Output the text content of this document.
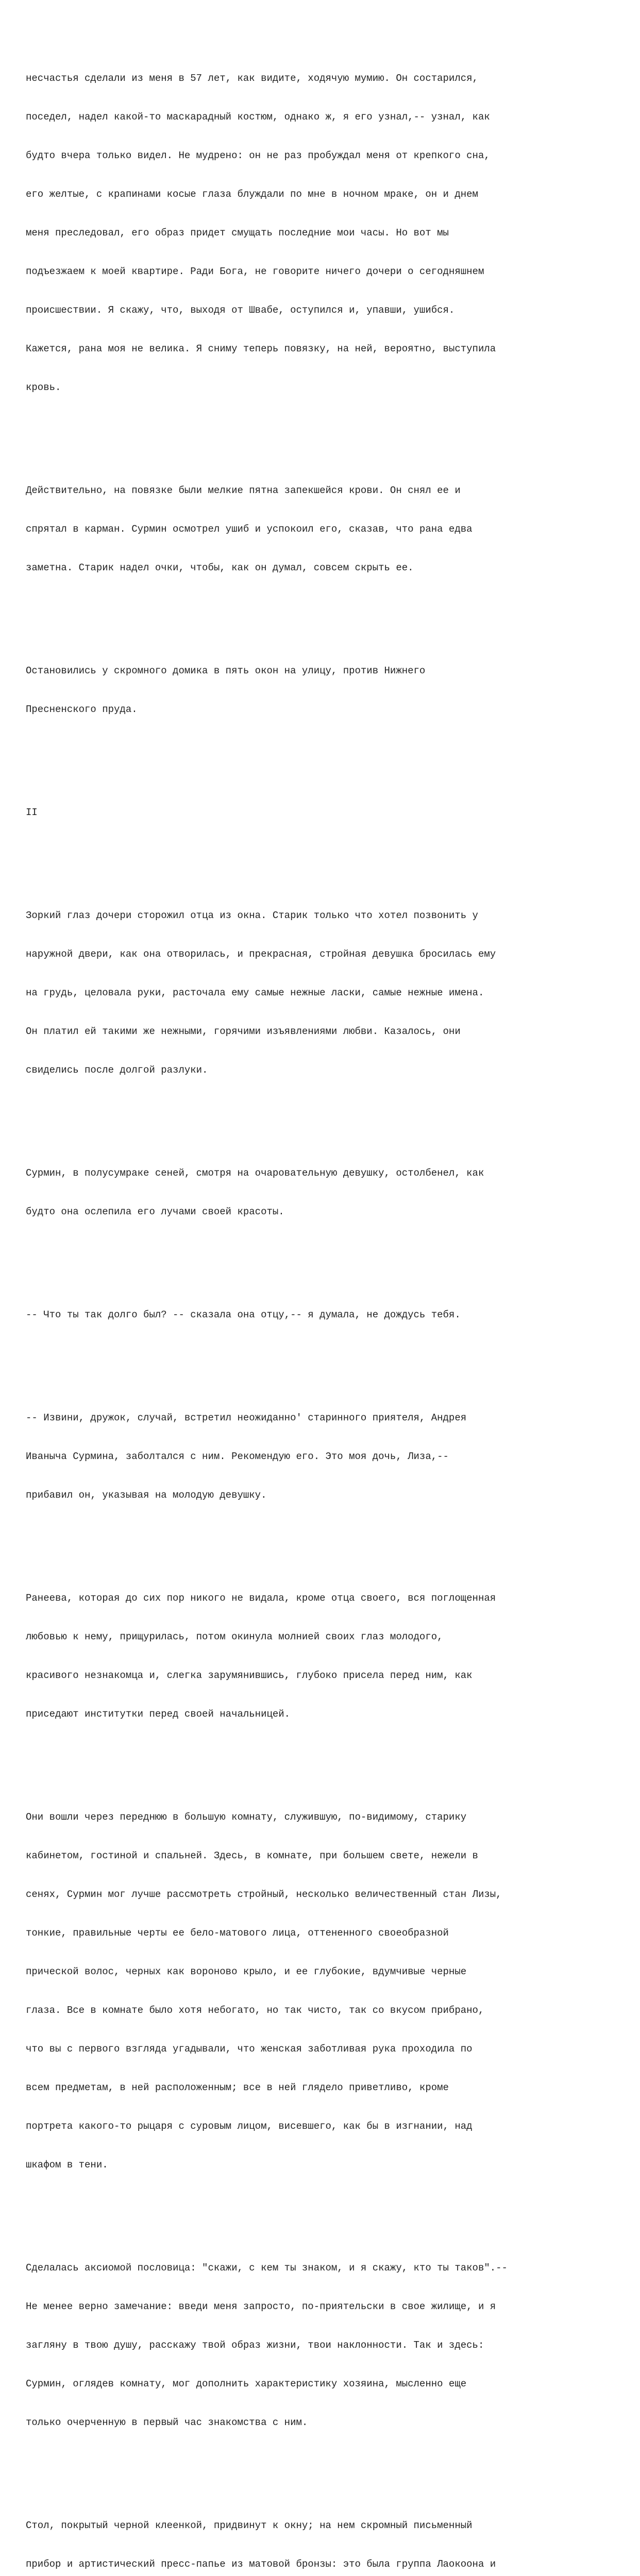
несчастья сделали из меня в 57 лет, как видите, ходячую мумию. Он состарился,

поседел, надел какой-то маскарадный костюм, однако ж, я его узнал,-- узнал, как

будто вчера только видел. Не мудрено: он не раз пробуждал меня от крепкого сна,

его желтые, с крапинами косые глаза блуждали по мне в ночном мраке, он и днем

меня преследовал, его образ придет смущать последние мои часы. Но вот мы

подъезжаем к моей квартире. Ради Бога, не говорите ничего дочери о сегодняшнем

происшествии. Я скажу, что, выходя от Швабе, оступился и, упавши, ушибся.

Кажется, рана моя не велика. Я сниму теперь повязку, на ней, вероятно, выступила

кровь.

Действительно, на повязке были мелкие пятна запекшейся крови. Он снял ее и

спрятал в карман. Сурмин осмотрел ушиб и успокоил его, сказав, что рана едва

заметна. Старик надел очки, чтобы, как он думал, совсем скрыть ее.

Остановились у скромного домика в пять окон на улицу, против Нижнего

Пресненского пруда.

II

Зоркий глаз дочери сторожил отца из окна. Старик только что хотел позвонить у

наружной двери, как она отворилась, и прекрасная, стройная девушка бросилась ему

на грудь, целовала руки, расточала ему самые нежные ласки, самые нежные имена.

Он платил ей такими же нежными, горячими изъявлениями любви. Казалось, они

свиделись после долгой разлуки.

Сурмин, в полусумраке сеней, смотря на очаровательную девушку, остолбенел, как

будто она ослепила его лучами своей красоты.

-- Что ты так долго был? -- сказала она отцу,-- я думала, не дождусь тебя.

-- Извини, дружок, случай, встретил неожиданно' старинного приятеля, Андрея

Иваныча Сурмина, заболтался с ним. Рекомендую его. Это моя дочь, Лиза,--

прибавил он, указывая на молодую девушку.

Ранеева, которая до сих пор никого не видала, кроме отца своего, вся поглощенная

любовью к нему, прищурилась, потом окинула молнией своих глаз молодого,

красивого незнакомца и, слегка зарумянившись, глубоко присела перед ним, как

приседают институтки перед своей начальницей.

Они вошли через переднюю в большую комнату, служившую, по-видимому, старику

кабинетом, гостиной и спальней. Здесь, в комнате, при большем свете, нежели в

сенях, Сурмин мог лучше рассмотреть стройный, несколько величественный стан Лизы,

тонкие, правильные черты ее бело-матового лица, оттененного своеобразной

прической волос, черных как вороново крыло, и ее глубокие, вдумчивые черные

глаза. Все в комнате было хотя небогато, но так чисто, так со вкусом прибрано,

что вы с первого взгляда угадывали, что женская заботливая рука проходила по

всем предметам, в ней расположенным; все в ней глядело приветливо, кроме

портрета какого-то рыцаря с суровым лицом, висевшего, как бы в изгнании, над

шкафом в тени.

Сделалась аксиомой пословица: "скажи, с кем ты знаком, и я скажу, кто ты таков".--

Не менее верно замечание: введи меня запросто, по-приятельски в свое жилище, и я

загляну в твою душу, расскажу твой образ жизни, твои наклонности. Так и здесь:

Сурмин, оглядев комнату, мог дополнить характеристику хозяина, мысленно еще

только очерченную в первый час знакомства с ним.

Стол, покрытый черной клеенкой, придвинут к окну; на нем скромный письменный

прибор и артистический пресс-папье из матовой бронзы: это была группа Лаокоона и
